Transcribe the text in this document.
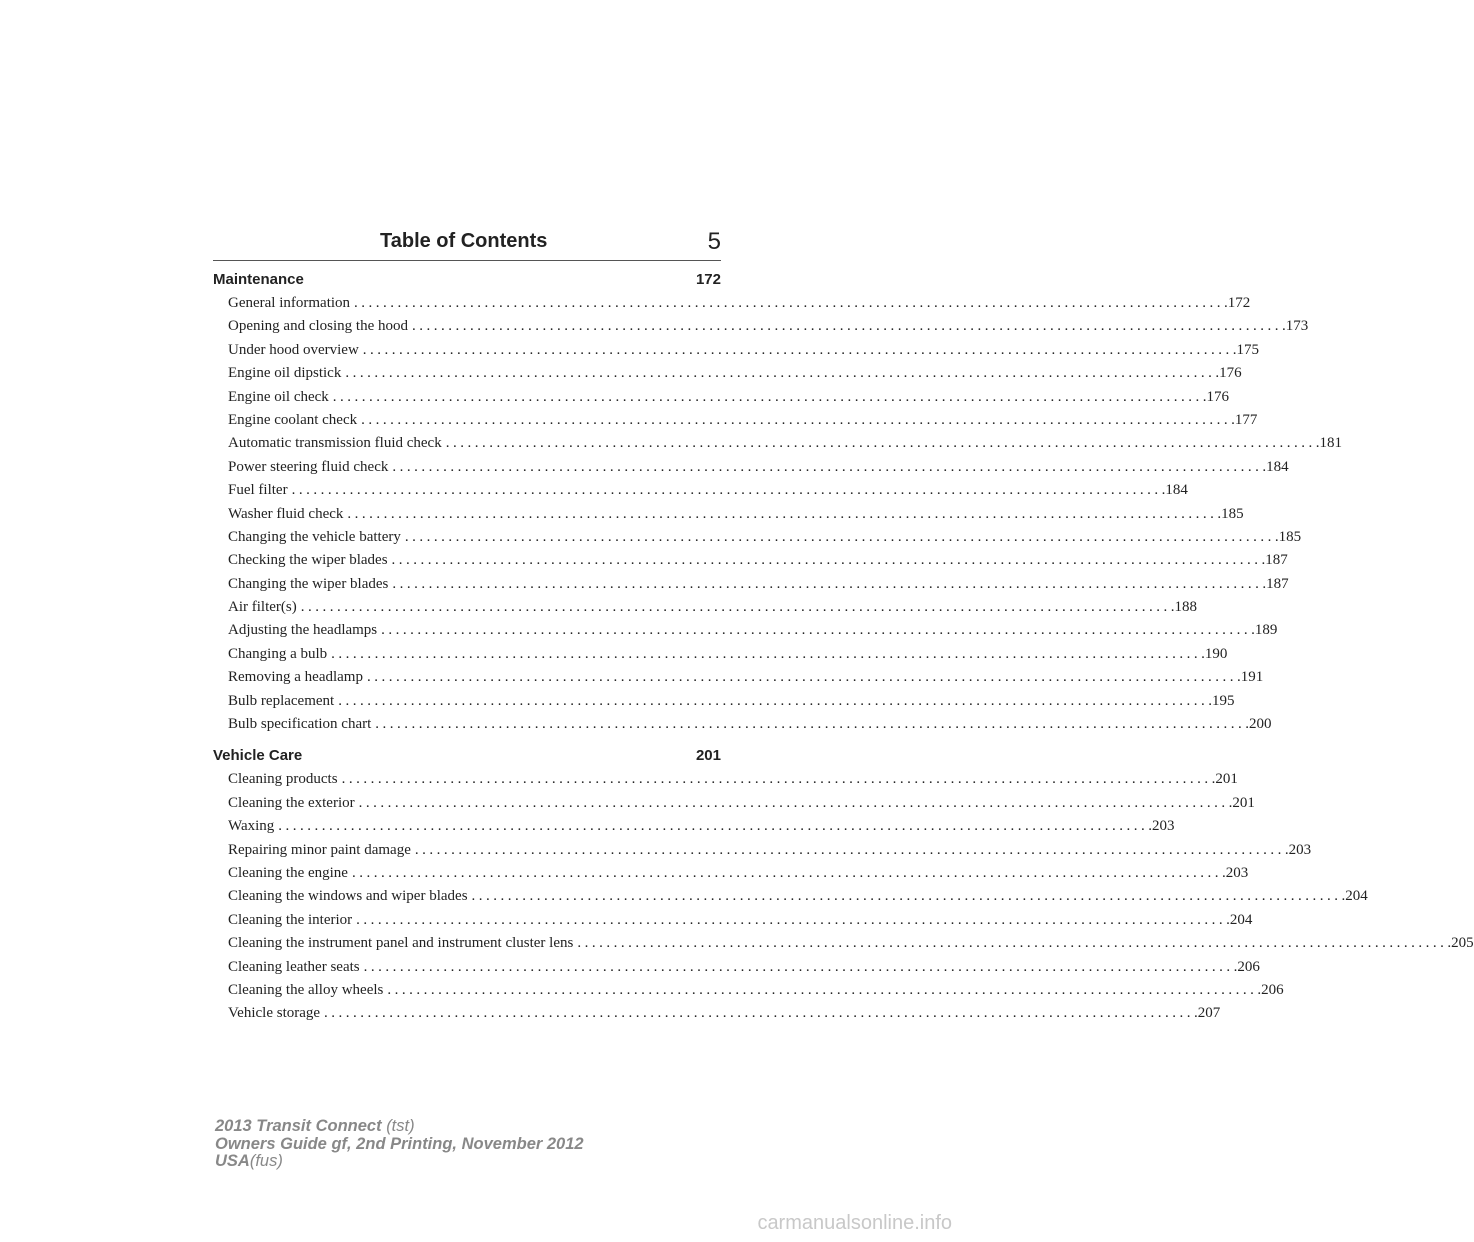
Table of Contents	5
Maintenance	172
General information ........................................................................................................................ .172
Opening and closing the hood ........................................................................................................................ .173
Under hood overview ........................................................................................................................ .175
Engine oil dipstick ........................................................................................................................ .176
Engine oil check ........................................................................................................................ .176
Engine coolant check ........................................................................................................................ .177
Automatic transmission fluid check ........................................................................................................................ .181
Power steering fluid check ........................................................................................................................ .184
Fuel filter ........................................................................................................................ .184
Washer fluid check ........................................................................................................................ .185
Changing the vehicle battery ........................................................................................................................ .185
Checking the wiper blades ........................................................................................................................ .187
Changing the wiper blades ........................................................................................................................ .187
Air filter(s) ........................................................................................................................ .188
Adjusting the headlamps ........................................................................................................................ .189
Changing a bulb ........................................................................................................................ .190
Removing a headlamp ........................................................................................................................ .191
Bulb replacement ........................................................................................................................ .195
Bulb specification chart ........................................................................................................................ .200
Vehicle Care	201
Cleaning products ........................................................................................................................ .201
Cleaning the exterior ........................................................................................................................ .201
Waxing ........................................................................................................................ .203
Repairing minor paint damage ........................................................................................................................ .203
Cleaning the engine ........................................................................................................................ .203
Cleaning the windows and wiper blades ........................................................................................................................ .204
Cleaning the interior ........................................................................................................................ .204
Cleaning the instrument panel and instrument cluster lens ........................................................................................................................ .205
Cleaning leather seats ........................................................................................................................ .206
Cleaning the alloy wheels ........................................................................................................................ .206
Vehicle storage ........................................................................................................................ .207
2013 Transit Connect (tst)
Owners Guide gf, 2nd Printing, November 2012
USA(fus)
carmanualsonline.info
